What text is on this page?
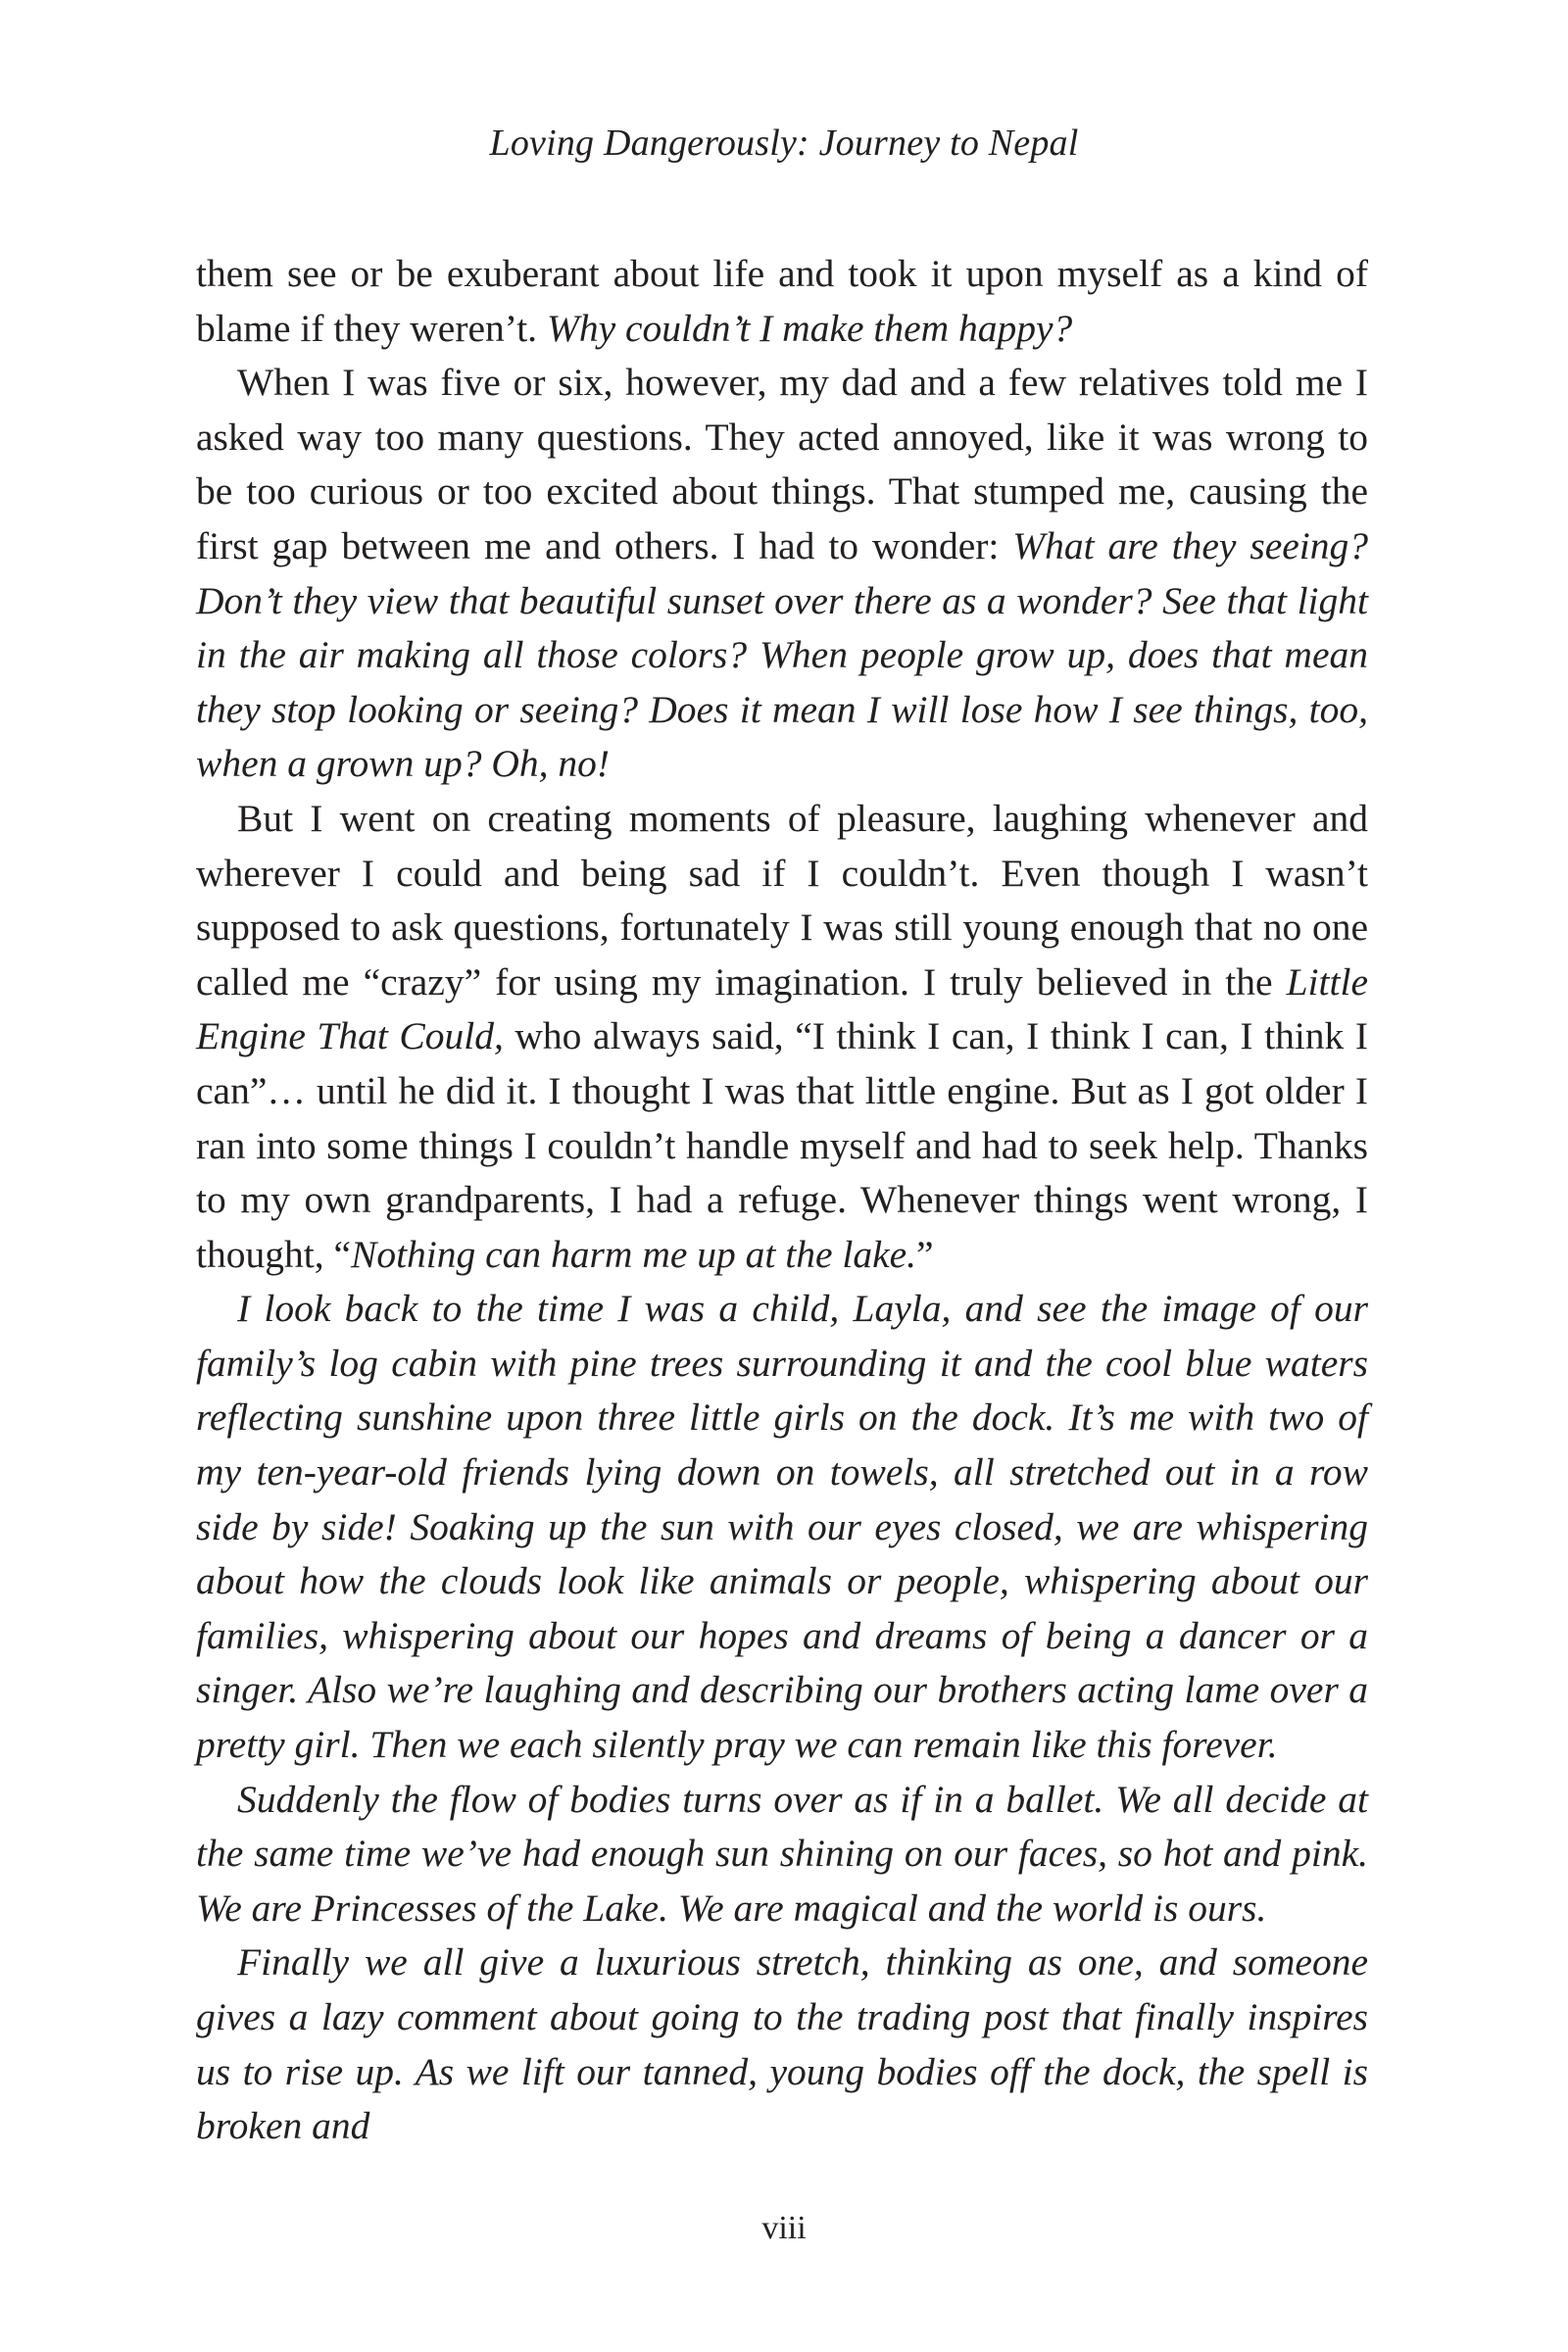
Loving Dangerously: Journey to Nepal

them see or be exuberant about life and took it upon myself as a kind of blame if they weren’t. Why couldn’t I make them happy?

When I was five or six, however, my dad and a few relatives told me I asked way too many questions. They acted annoyed, like it was wrong to be too curious or too excited about things. That stumped me, causing the first gap between me and others. I had to wonder: What are they seeing? Don’t they view that beautiful sunset over there as a wonder? See that light in the air making all those colors? When people grow up, does that mean they stop looking or seeing? Does it mean I will lose how I see things, too, when a grown up? Oh, no!

But I went on creating moments of pleasure, laughing whenever and wherever I could and being sad if I couldn’t. Even though I wasn’t supposed to ask questions, fortunately I was still young enough that no one called me “crazy” for using my imagination. I truly believed in the Little Engine That Could, who always said, “I think I can, I think I can, I think I can”… until he did it. I thought I was that little engine. But as I got older I ran into some things I couldn’t handle myself and had to seek help. Thanks to my own grandparents, I had a refuge. Whenever things went wrong, I thought, “Nothing can harm me up at the lake.”

I look back to the time I was a child, Layla, and see the image of our family’s log cabin with pine trees surrounding it and the cool blue waters reflecting sunshine upon three little girls on the dock. It’s me with two of my ten-year-old friends lying down on towels, all stretched out in a row side by side! Soaking up the sun with our eyes closed, we are whispering about how the clouds look like animals or people, whispering about our families, whispering about our hopes and dreams of being a dancer or a singer. Also we’re laughing and describing our brothers acting lame over a pretty girl. Then we each silently pray we can remain like this forever.

Suddenly the flow of bodies turns over as if in a ballet. We all decide at the same time we’ve had enough sun shining on our faces, so hot and pink. We are Princesses of the Lake. We are magical and the world is ours.

Finally we all give a luxurious stretch, thinking as one, and someone gives a lazy comment about going to the trading post that finally inspires us to rise up. As we lift our tanned, young bodies off the dock, the spell is broken and

viii
